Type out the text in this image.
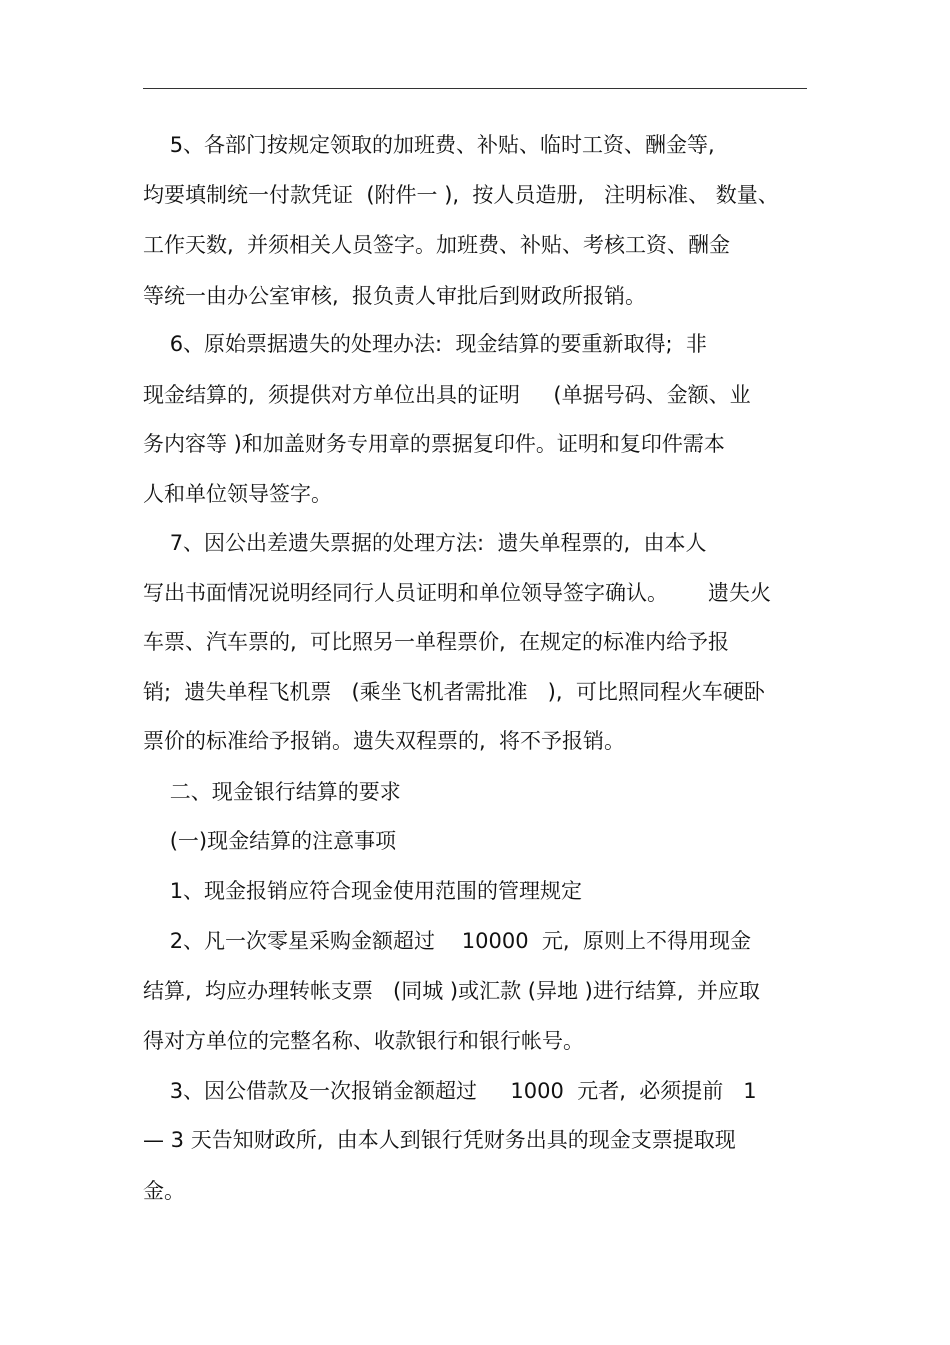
5、各部门按规定领取的加班费、补贴、临时工资、酬金等,
均要填制统一付款凭证  (附件一 ),  按人员造册,   注明标准、 数量、
工作天数,  并须相关人员签字。加班费、补贴、考核工资、酬金
等统一由办公室审核,  报负责人审批后到财政所报销。
6、原始票据遗失的处理办法:  现金结算的要重新取得;  非
现金结算的,  须提供对方单位出具的证明     (单据号码、金额、业
务内容等 )和加盖财务专用章的票据复印件。证明和复印件需本
人和单位领导签字。
7、因公出差遗失票据的处理方法:  遗失单程票的,  由本人
写出书面情况说明经同行人员证明和单位领导签字确认。      遗失火
车票、汽车票的,  可比照另一单程票价,  在规定的标准内给予报
销;  遗失单程飞机票   (乘坐飞机者需批准   ),  可比照同程火车硬卧
票价的标准给予报销。遗失双程票的,  将不予报销。
二、现金银行结算的要求
(一)现金结算的注意事项
1、现金报销应符合现金使用范围的管理规定
2、凡一次零星采购金额超过    10000  元,  原则上不得用现金
结算,  均应办理转帐支票   (同城 )或汇款 (异地 )进行结算,  并应取
得对方单位的完整名称、收款银行和银行帐号。
3、因公借款及一次报销金额超过     1000  元者,  必须提前   1
— 3 天告知财政所,  由本人到银行凭财务出具的现金支票提取现
金。
